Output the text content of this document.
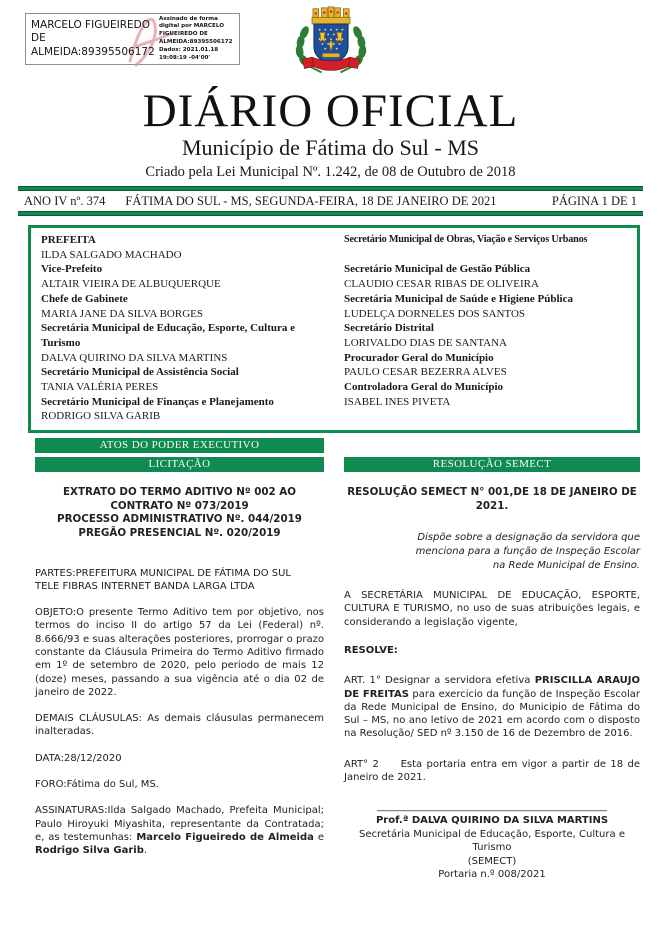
MARCELO FIGUEIREDO DE ALMEIDA:89395506172
Assinado de forma digital por MARCELO FIGUEIREDO DE ALMEIDA:89395506172 Dados: 2021.01.18 19:08:19 -04'00'
DIÁRIO OFICIAL
Município de Fátima do Sul - MS
Criado pela Lei Municipal Nº. 1.242, de 08 de Outubro de 2018
ANO IV nº. 374 FÁTIMA DO SUL - MS, SEGUNDA-FEIRA, 18 DE JANEIRO DE 2021	PÁGINA 1 DE 1
PREFEITA
ILDA SALGADO MACHADO
Vice-Prefeito
ALTAIR VIEIRA DE ALBUQUERQUE
Chefe de Gabinete
MARIA JANE DA SILVA BORGES
Secretária Municipal de Educação, Esporte, Cultura e Turismo
DALVA QUIRINO DA SILVA MARTINS
Secretário Municipal de Assistência Social
TANIA VALÉRIA PERES
Secretário Municipal de Finanças e Planejamento
RODRIGO SILVA GARIB
Secretário Municipal de Obras, Viação e Serviços Urbanos
Secretário Municipal de Gestão Pública
CLAUDIO CESAR RIBAS DE OLIVEIRA
Secretária Municipal de Saúde e Higiene Pública
LUDELÇA DORNELES DOS SANTOS
Secretário Distrital
LORIVALDO DIAS DE SANTANA
Procurador Geral do Município
PAULO CESAR BEZERRA ALVES
Controladora Geral do Município
ISABEL INES PIVETA
ATOS DO PODER EXECUTIVO
LICITAÇÃO
EXTRATO DO TERMO ADITIVO Nº 002 AO CONTRATO Nº 073/2019
PROCESSO ADMINISTRATIVO Nº. 044/2019
PREGÃO PRESENCIAL Nº. 020/2019
PARTES:PREFEITURA MUNICIPAL DE FÁTIMA DO SUL
TELE FIBRAS INTERNET BANDA LARGA LTDA
OBJETO:O presente Termo Aditivo tem por objetivo, nos termos do inciso II do artigo 57 da Lei (Federal) nº. 8.666/93 e suas alterações posteriores, prorrogar o prazo constante da Cláusula Primeira do Termo Aditivo firmado em 1º de setembro de 2020, pelo periodo de mais 12 (doze) meses, passando a sua vigência até o dia 02 de janeiro de 2022.
DEMAIS CLÁUSULAS: As demais cláusulas permanecem inalteradas.
DATA:28/12/2020
FORO:Fátima do Sul, MS.
ASSINATURAS:Ilda Salgado Machado, Prefeita Municipal; Paulo Hiroyuki Miyashita, representante da Contratada; e, as testemunhas: Marcelo Figueiredo de Almeida e Rodrigo Silva Garib.
RESOLUÇÃO SEMECT
RESOLUÇÃO SEMECT N° 001,DE 18 DE JANEIRO DE 2021.
Dispõe sobre a designação da servidora que menciona para a função de Inspeção Escolar na Rede Municipal de Ensino.
A SECRETÁRIA MUNICIPAL DE EDUCAÇÃO, ESPORTE, CULTURA E TURISMO, no uso de suas atribuições legais, e considerando a legislação vigente,
RESOLVE:
ART. 1° Designar a servidora efetiva PRISCILLA ARAUJO DE FREITAS para exercicio da função de Inspeção Escolar da Rede Municipal de Ensino, do Municipio de Fátima do Sul – MS, no ano letivo de 2021 em acordo com o disposto na Resolução/ SED nº 3.150 de 16 de Dezembro de 2016.
ART° 2     Esta portaria entra em vigor a partir de 18 de Janeiro de 2021.
______________________________________________
Prof.ª DALVA QUIRINO DA SILVA MARTINS
Secretária Municipal de Educação, Esporte, Cultura e Turismo
(SEMECT)
Portaria n.º 008/2021
